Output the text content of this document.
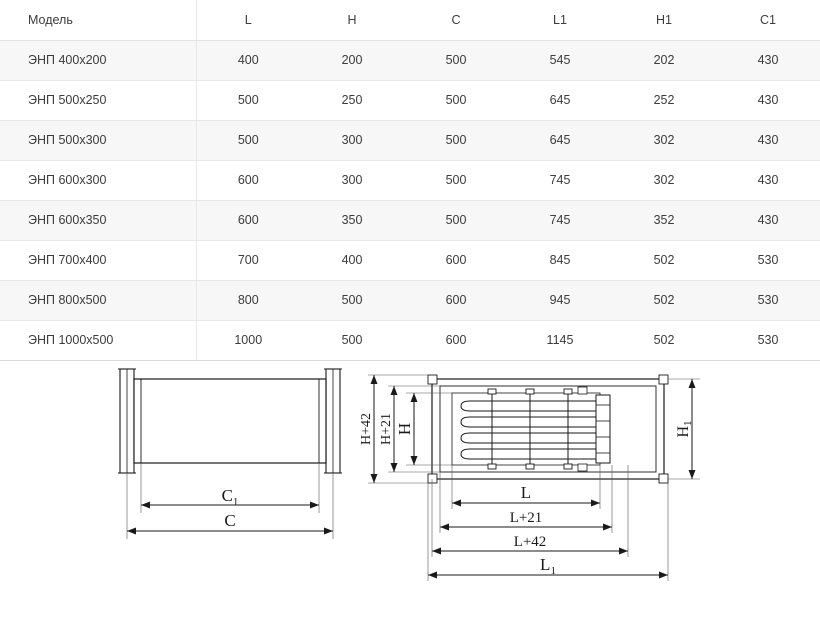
Модель	L	H	C	L1	H1	C1
ЭНП 400x200	400	200	500	545	202	430
ЭНП 500x250	500	250	500	645	252	430
ЭНП 500x300	500	300	500	645	302	430
ЭНП 600x300	600	300	500	745	302	430
ЭНП 600x350	600	350	500	745	352	430
ЭНП 700x400	700	400	600	845	502	530
ЭНП 800x500	800	500	600	945	502	530
ЭНП 1000x500	1000	500	600	1145	502	530
$C_1$
C
H+42 H+21 H	H1
L
L+21
L+42
$L_1$
